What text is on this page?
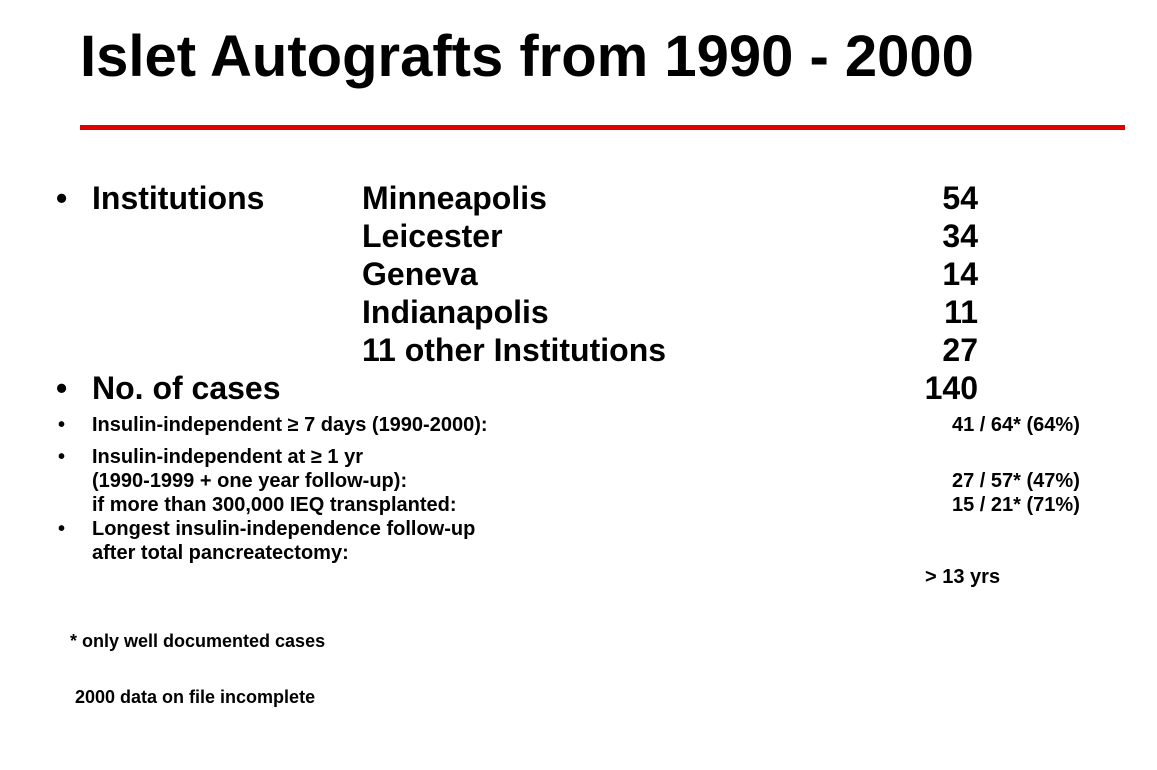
Islet Autografts from 1990 - 2000
• Institutions	Minneapolis	54
Leicester	34
Geneva	14
Indianapolis	11
11 other Institutions	27
• No. of cases	140
• Insulin-independent ≥ 7 days (1990-2000):	41 / 64* (64%)
• Insulin-independent at ≥ 1 yr
(1990-1999 + one year follow-up):	27 / 57* (47%)
if more than 300,000 IEQ transplanted:	15 / 21* (71%)
• Longest insulin-independence follow-up
after total pancreatectomy:
> 13 yrs
* only well documented cases
2000 data on file incomplete
